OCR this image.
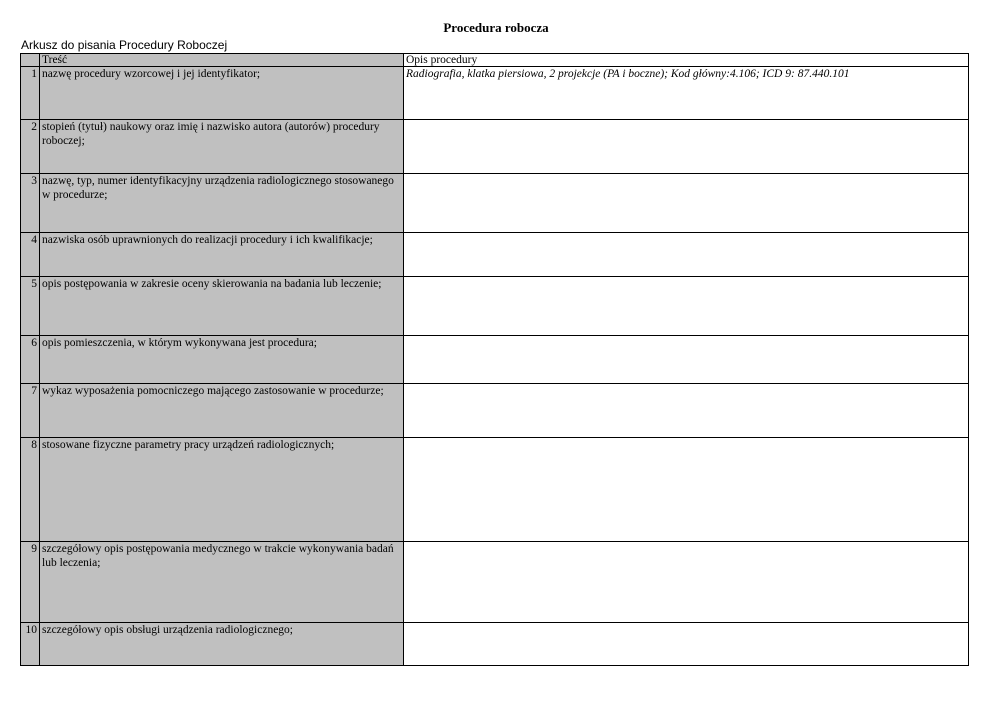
Procedura robocza
Arkusz do pisania Procedury Roboczej
	Treść	Opis procedury
1	nazwę procedury wzorcowej i jej identyfikator;	Radiografia, klatka piersiowa, 2 projekcje (PA i boczne); Kod główny:4.106; ICD 9: 87.440.101
2	stopień (tytuł) naukowy oraz imię i nazwisko autora (autorów) procedury roboczej;	
3	nazwę, typ, numer identyfikacyjny urządzenia radiologicznego stosowanego w procedurze;	
4	nazwiska osób uprawnionych do realizacji procedury i ich kwalifikacje;	
5	opis postępowania w zakresie oceny skierowania na badania lub leczenie;	
6	opis pomieszczenia, w którym wykonywana jest procedura;	
7	wykaz wyposażenia pomocniczego mającego zastosowanie w procedurze;	
8	stosowane fizyczne parametry pracy urządzeń radiologicznych;	
9	szczegółowy opis postępowania medycznego w trakcie wykonywania badań lub leczenia;	
10	szczegółowy opis obsługi urządzenia radiologicznego;	
